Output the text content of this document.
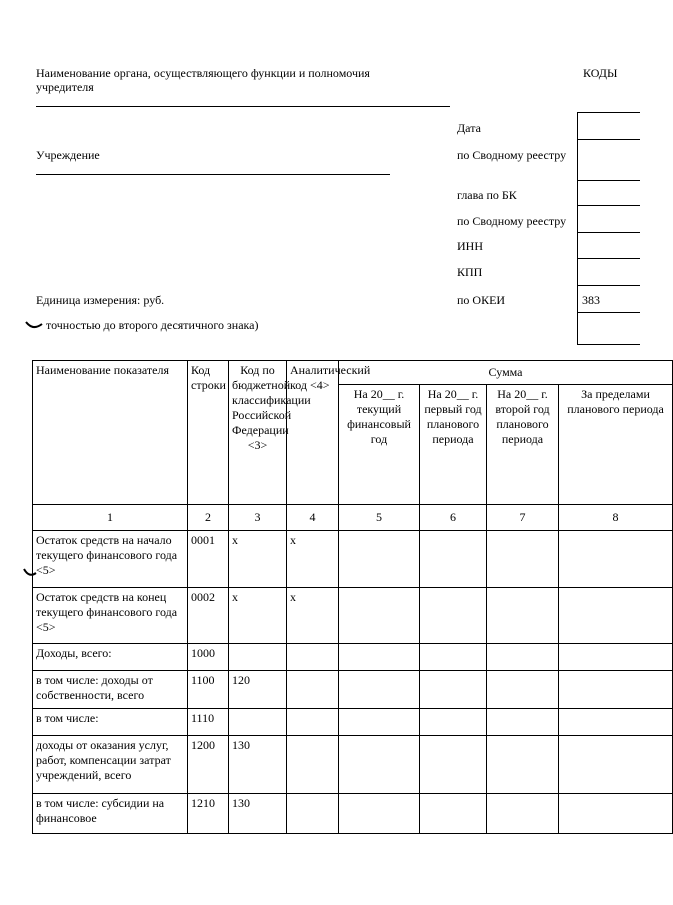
Наименование органа, осуществляющего функции и полномочия
учредителя
КОДЫ
Учреждение
Единица измерения: руб.
точностью до второго десятичного знака)
Дата
по Сводному реестру
глава по БК
по Сводному реестру
ИНН
КПП
по ОКЕИ	383
Наименование показателя	Код строки	Код по бюджетной классификации Российской Федерации <3>	Аналитический код <4>	Сумма			
				На 20__ г. текущий финансовый год	На 20__ г. первый год планового периода	На 20__ г. второй год планового периода	За пределами планового периода
1	2	3	4	5	6	7	8
Остаток средств на начало текущего финансового года <5>	0001	x	x				
Остаток средств на конец текущего финансового года <5>	0002	x	x				
Доходы, всего:	1000						
в том числе: доходы от собственности, всего	1100	120					
в том числе:	1110						
доходы от оказания услуг, работ, компенсации затрат учреждений, всего	1200	130					
в том числе: субсидии на финансовое	1210	130					
